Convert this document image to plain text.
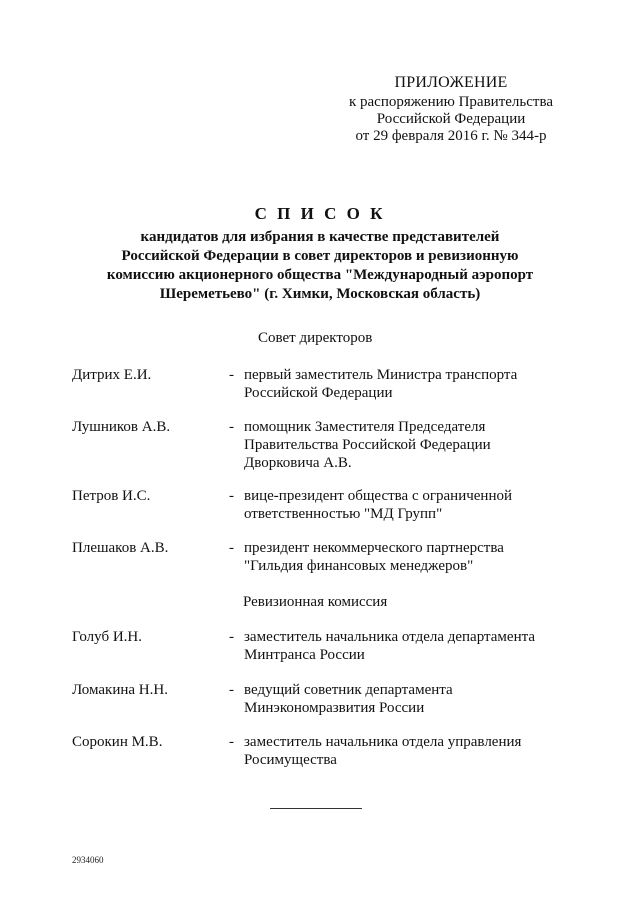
ПРИЛОЖЕНИЕ
к распоряжению Правительства
Российской Федерации
от 29 февраля 2016 г. № 344-р
С П И С О К
кандидатов для избрания в качестве представителей
Российской Федерации в совет директоров и ревизионную
комиссию акционерного общества "Международный аэропорт
Шереметьево" (г. Химки, Московская область)
Совет директоров
Дитрих Е.И.	- первый заместитель Министра транспорта
Российской Федерации
Лушников А.В.	- помощник Заместителя Председателя
Правительства Российской Федерации
Дворковича А.В.
Петров И.С.	- вице-президент общества с ограниченной
ответственностью "МД Групп"
Плешаков А.В.	- президент некоммерческого партнерства
"Гильдия финансовых менеджеров"
Ревизионная комиссия
Голуб И.Н.	- заместитель начальника отдела департамента
Минтранса России
Ломакина Н.Н.	- ведущий советник департамента
Минэкономразвития России
Сорокин М.В.	- заместитель начальника отдела управления
Росимущества
2934060
